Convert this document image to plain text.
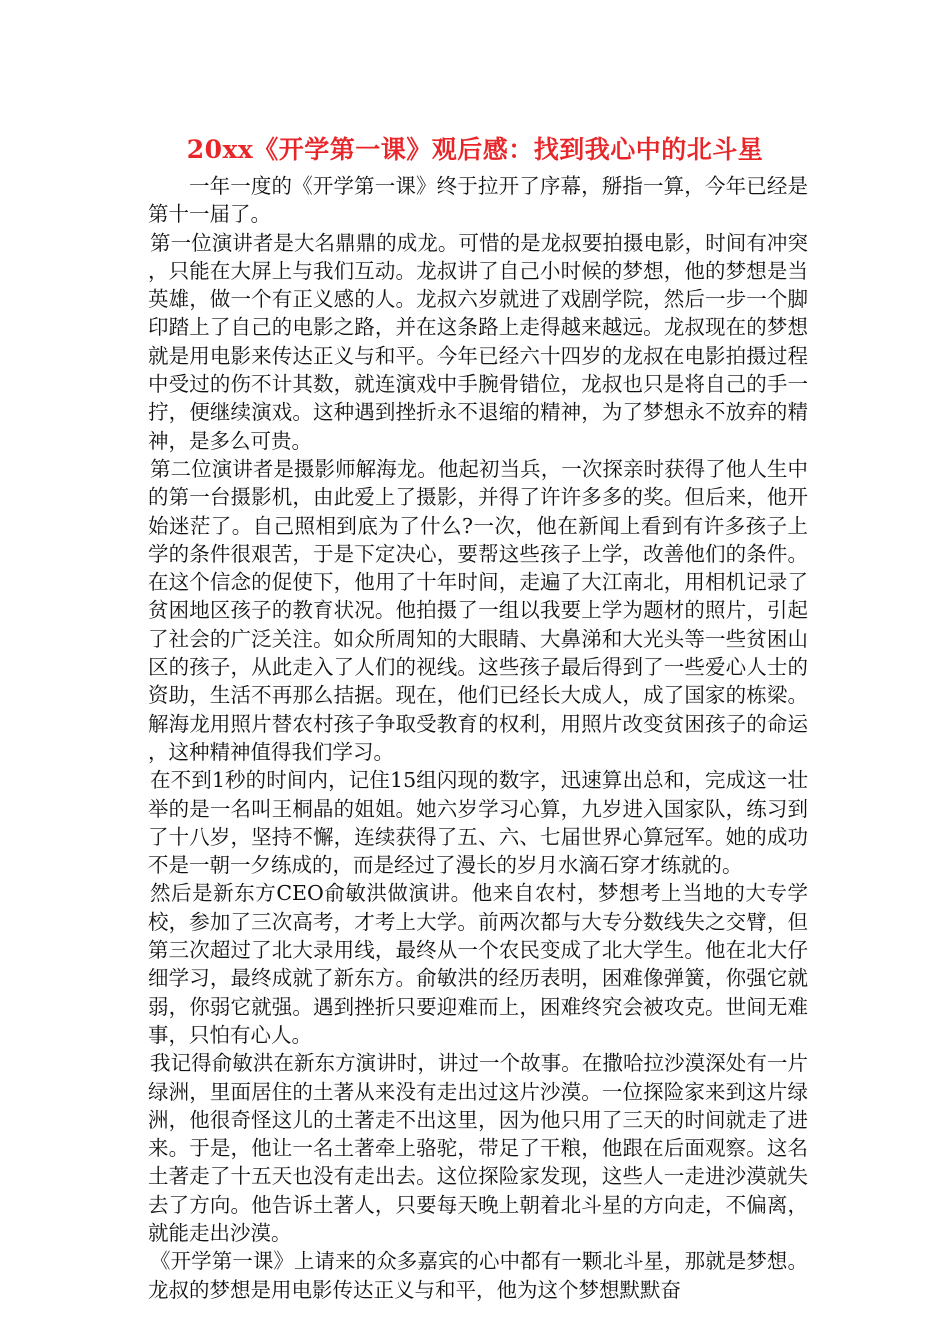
20xx《开学第一课》观后感：找到我心中的北斗星

一年一度的《开学第一课》终于拉开了序幕，掰指一算，今年已经是第十一届了。

第一位演讲者是大名鼎鼎的成龙。可惜的是龙叔要拍摄电影，时间有冲突，只能在大屏上与我们互动。龙叔讲了自己小时候的梦想，他的梦想是当英雄，做一个有正义感的人。龙叔六岁就进了戏剧学院，然后一步一个脚印踏上了自己的电影之路，并在这条路上走得越来越远。龙叔现在的梦想就是用电影来传达正义与和平。今年已经六十四岁的龙叔在电影拍摄过程中受过的伤不计其数，就连演戏中手腕骨错位，龙叔也只是将自己的手一拧，便继续演戏。这种遇到挫折永不退缩的精神，为了梦想永不放弃的精神，是多么可贵。

第二位演讲者是摄影师解海龙。他起初当兵，一次探亲时获得了他人生中的第一台摄影机，由此爱上了摄影，并得了许许多多的奖。但后来，他开始迷茫了。自己照相到底为了什么?一次，他在新闻上看到有许多孩子上学的条件很艰苦，于是下定决心，要帮这些孩子上学，改善他们的条件。在这个信念的促使下，他用了十年时间，走遍了大江南北，用相机记录了贫困地区孩子的教育状况。他拍摄了一组以我要上学为题材的照片，引起了社会的广泛关注。如众所周知的大眼睛、大鼻涕和大光头等一些贫困山区的孩子，从此走入了人们的视线。这些孩子最后得到了一些爱心人士的资助，生活不再那么拮据。现在，他们已经长大成人，成了国家的栋梁。解海龙用照片替农村孩子争取受教育的权利，用照片改变贫困孩子的命运，这种精神值得我们学习。

在不到1秒的时间内，记住15组闪现的数字，迅速算出总和，完成这一壮举的是一名叫王桐晶的姐姐。她六岁学习心算，九岁进入国家队，练习到了十八岁，坚持不懈，连续获得了五、六、七届世界心算冠军。她的成功不是一朝一夕练成的，而是经过了漫长的岁月水滴石穿才练就的。

然后是新东方CEO俞敏洪做演讲。他来自农村，梦想考上当地的大专学校，参加了三次高考，才考上大学。前两次都与大专分数线失之交臂，但第三次超过了北大录用线，最终从一个农民变成了北大学生。他在北大仔细学习，最终成就了新东方。俞敏洪的经历表明，困难像弹簧，你强它就弱，你弱它就强。遇到挫折只要迎难而上，困难终究会被攻克。世间无难事，只怕有心人。

我记得俞敏洪在新东方演讲时，讲过一个故事。在撒哈拉沙漠深处有一片绿洲，里面居住的土著从来没有走出过这片沙漠。一位探险家来到这片绿洲，他很奇怪这儿的土著走不出这里，因为他只用了三天的时间就走了进来。于是，他让一名土著牵上骆驼，带足了干粮，他跟在后面观察。这名土著走了十五天也没有走出去。这位探险家发现，这些人一走进沙漠就失去了方向。他告诉土著人，只要每天晚上朝着北斗星的方向走，不偏离，就能走出沙漠。

《开学第一课》上请来的众多嘉宾的心中都有一颗北斗星，那就是梦想。龙叔的梦想是用电影传达正义与和平，他为这个梦想默默奋
